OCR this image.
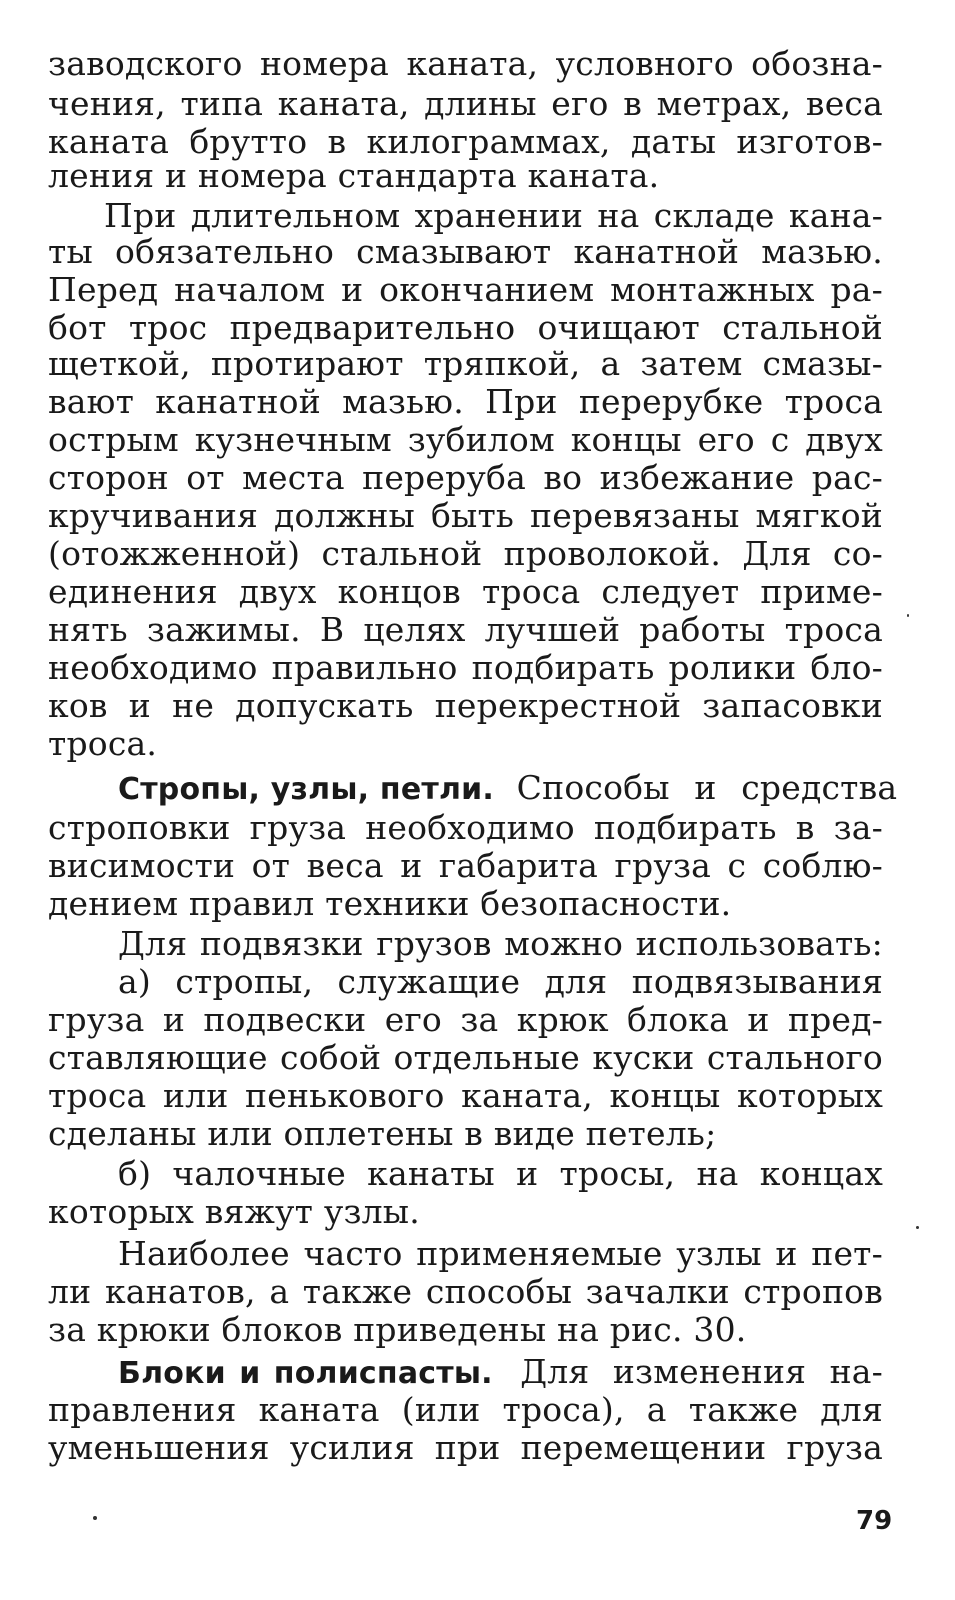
заводского номера каната, условного обозна-
чения, типа каната, длины его в метрах, веса
каната брутто в килограммах, даты изготов-
ления и номера стандарта каната.
При длительном хранении на складе кана-
ты обязательно смазывают канатной мазью.
Перед началом и окончанием монтажных ра-
бот трос предварительно очищают стальной
щеткой, протирают тряпкой, а затем смазы-
вают канатной мазью. При перерубке троса
острым кузнечным зубилом концы его с двух
сторон от места переруба во избежание рас-
кручивания должны быть перевязаны мягкой
(отожженной) стальной проволокой. Для со-
единения двух концов троса следует приме-
нять зажимы. В целях лучшей работы троса
необходимо правильно подбирать ролики бло-
ков и не допускать перекрестной запасовки
троса.
Стропы, узлы, петли. Способы и средства
строповки груза необходимо подбирать в за-
висимости от веса и габарита груза с соблю-
дением правил техники безопасности.
Для подвязки грузов можно использовать:
а) стропы, служащие для подвязывания
груза и подвески его за крюк блока и пред-
ставляющие собой отдельные куски стального
троса или пенькового каната, концы которых
сделаны или оплетены в виде петель;
б) чалочные канаты и тросы, на концах
которых вяжут узлы.
Наиболее часто применяемые узлы и пет-
ли канатов, а также способы зачалки стропов
за крюки блоков приведены на рис. 30.
Блоки и полиспасты. Для изменения на-
правления каната (или троса), а также для
уменьшения усилия при перемещении груза
79
